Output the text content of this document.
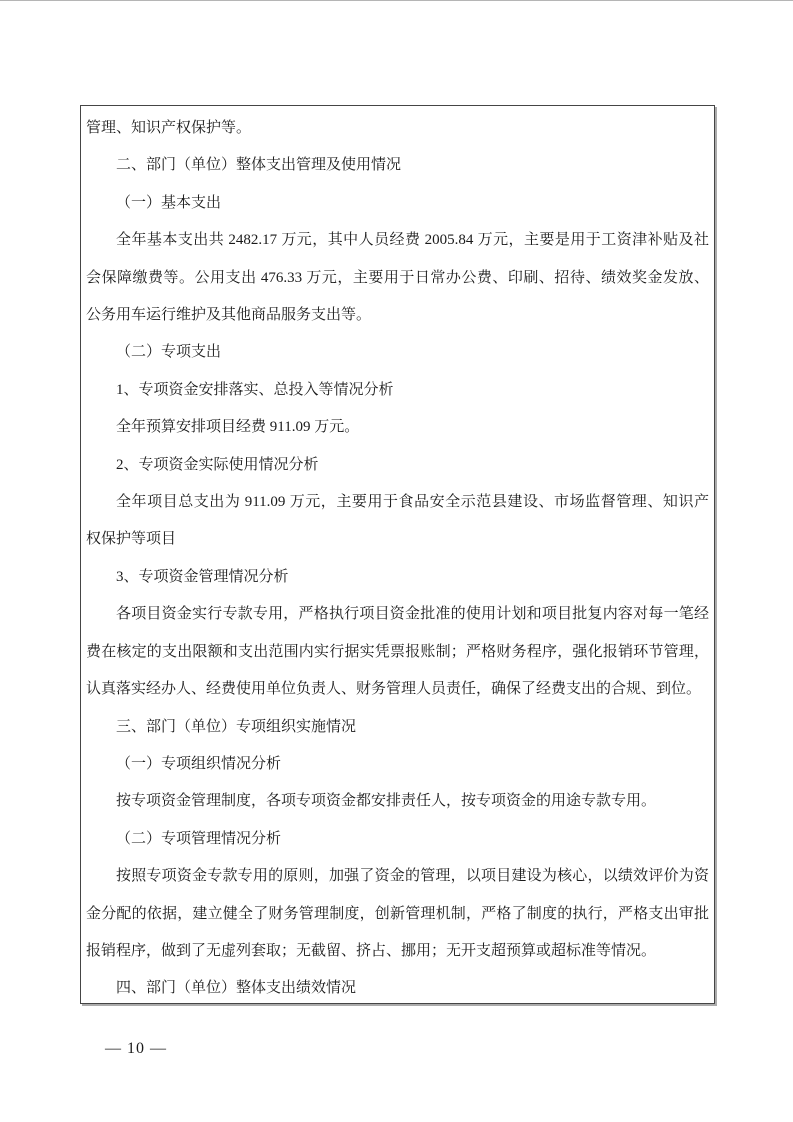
管理、知识产权保护等。
二、部门（单位）整体支出管理及使用情况
（一）基本支出
全年基本支出共 2482.17 万元，其中人员经费 2005.84 万元，主要是用于工资津补贴及社
会保障缴费等。公用支出 476.33 万元，主要用于日常办公费、印刷、招待、绩效奖金发放、
公务用车运行维护及其他商品服务支出等。
（二）专项支出
1、专项资金安排落实、总投入等情况分析
全年预算安排项目经费 911.09 万元。
2、专项资金实际使用情况分析
全年项目总支出为 911.09 万元，主要用于食品安全示范县建设、市场监督管理、知识产
权保护等项目
3、专项资金管理情况分析
各项目资金实行专款专用，严格执行项目资金批准的使用计划和项目批复内容对每一笔经
费在核定的支出限额和支出范围内实行据实凭票报账制；严格财务程序，强化报销环节管理，
认真落实经办人、经费使用单位负责人、财务管理人员责任，确保了经费支出的合规、到位。
三、部门（单位）专项组织实施情况
（一）专项组织情况分析
按专项资金管理制度，各项专项资金都安排责任人，按专项资金的用途专款专用。
（二）专项管理情况分析
按照专项资金专款专用的原则，加强了资金的管理，以项目建设为核心，以绩效评价为资
金分配的依据，建立健全了财务管理制度，创新管理机制，严格了制度的执行，严格支出审批
报销程序，做到了无虚列套取；无截留、挤占、挪用；无开支超预算或超标准等情况。
四、部门（单位）整体支出绩效情况
— 10 —
